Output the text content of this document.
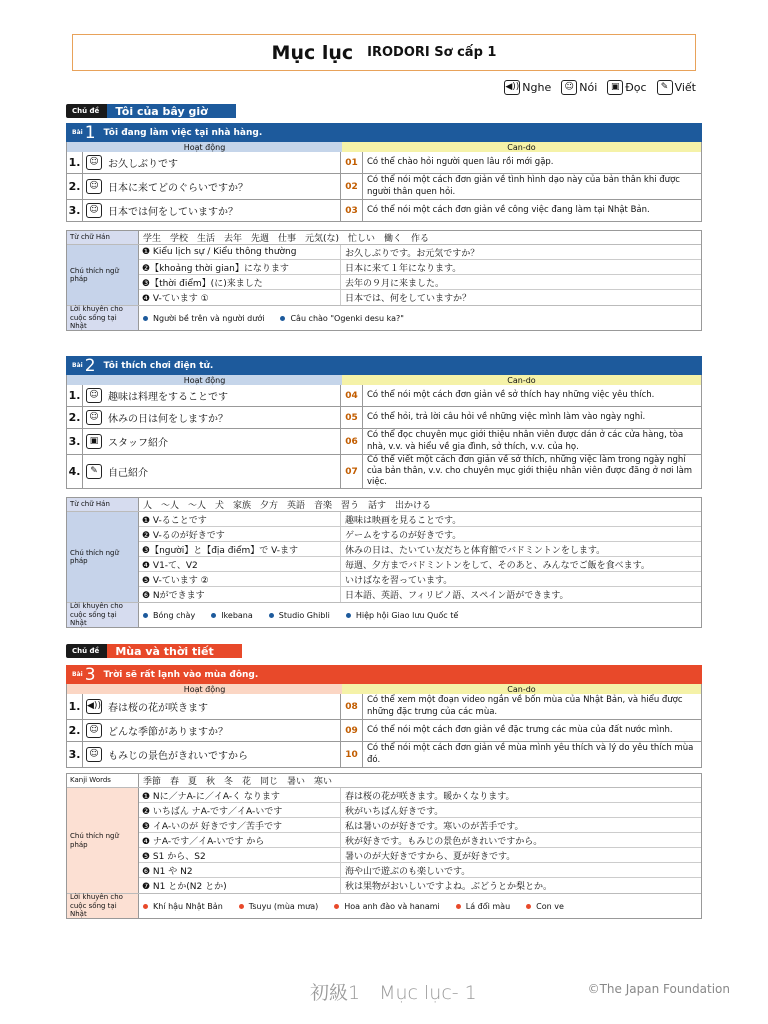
Mục lục IRODORI Sơ cấp 1
◀)) Nghe	☺ Nói	▣ Đọc	✎ Viết
Chủ đề	Tôi của bây giờ
Bài 1 Tôi đang làm việc tại nhà hàng.
Hoạt động	Can-do
1. ☺ お久しぶりです	01	Có thể chào hỏi người quen lâu rồi mới gặp.
2. ☺ 日本に来てどのぐらいですか？	02
Có thể nói một cách đơn giản về tình hình dạo này của bản thân khi được người thân quen hỏi.
3. ☺ 日本では何をしていますか？	03	Có thể nói một cách đơn giản về công việc đang làm tại Nhật Bản.
Từ chữ Hán	学生　学校　生活　去年　先週　仕事　元気(な)　忙しい　働く　作る
Chú thích ngữ pháp
❶ Kiểu lịch sự / Kiểu thông thường	お久しぶりです。お元気ですか？
❷【khoảng thời gian】になります	日本に来て１年になります。
❸【thời điểm】(に)来ました	去年の９月に来ました。
❹ V-ています ①	日本では、何をしていますか？
Lời khuyên cho cuộc sống tại Nhật
Người bề trên và người dưới	Câu chào "Ogenki desu ka?"
Bài 2 Tôi thích chơi điện tử.
Hoạt động	Can-do
1. ☺ 趣味は料理をすることです	04	Có thể nói một cách đơn giản về sở thích hay những việc yêu thích.
2. ☺ 休みの日は何をしますか？	05	Có thể hỏi, trả lời câu hỏi về những việc mình làm vào ngày nghỉ.
3.	▣ スタッフ紹介	06
Có thể đọc chuyên mục giới thiệu nhân viên được dán ở các cửa hàng, tòa nhà, v.v. và hiểu về gia đình, sở thích, v.v. của họ.
4.	✎	自己紹介	07
Có thể viết một cách đơn giản về sở thích, những việc làm trong ngày nghỉ của bản thân, v.v. cho chuyên mục giới thiệu nhân viên được đăng ở nơi làm việc.
Từ chữ Hán	人　〜人　〜人　犬　家族　夕方　英語　音楽　習う　話す　出かける
Chú thích ngữ pháp
❶ V-ることです	趣味は映画を見ることです。
❷ V-るのが好きです	ゲームをするのが好きです。
❸【người】と【địa điểm】で V-ます	休みの日は、たいてい友だちと体育館でバドミントンをします。
❹ V1-て、V2	毎週、夕方までバドミントンをして、そのあと、みんなでご飯を食べます。
❺ V-ています ②	いけばなを習っています。
❻ Nができます	日本語、英語、フィリピノ語、スペイン語ができます。
Lời khuyên cho cuộc sống tại Nhật
Bóng chày	Ikebana	Studio Ghibli	Hiệp hội Giao lưu Quốc tế
Chủ đề	Mùa và thời tiết
Bài 3 Trời sẽ rất lạnh vào mùa đông.
Hoạt động	Can-do
1. ◀)) 春は桜の花が咲きます	08
Có thể xem một đoạn video ngắn về bốn mùa của Nhật Bản, và hiểu được những đặc trưng của các mùa.
2. ☺ どんな季節がありますか？	09	Có thể nói một cách đơn giản về đặc trưng các mùa của đất nước mình.
3. ☺ もみじの景色がきれいですから	10
Có thể nói một cách đơn giản về mùa mình yêu thích và lý do yêu thích mùa đó.
Kanji Words	季節　春　夏　秋　冬　花　同じ　暑い　寒い
Chú thích ngữ pháp
❶ Nに／ナA-に／イA-く なります	春は桜の花が咲きます。暖かくなります。
❷ いちばん ナA-です／イA-いです	秋がいちばん好きです。
❸ イA-いのが 好きです／苦手です	私は暑いのが好きです。寒いのが苦手です。
❹ ナA-です／イA-いです から	秋が好きです。もみじの景色がきれいですから。
❺ S1 から、S2	暑いのが大好きですから、夏が好きです。
❻ N1 や N2	海や山で遊ぶのも楽しいです。
❼ N1 とか(N2 とか)	秋は果物がおいしいですよね。ぶどうとか梨とか。
Lời khuyên cho cuộc sống tại Nhật
Khí hậu Nhật Bản	Tsuyu (mùa mưa)	Hoa anh đào và hanami	Lá đổi màu	Con ve
初級1　Mục lục- 1	©The Japan Foundation
